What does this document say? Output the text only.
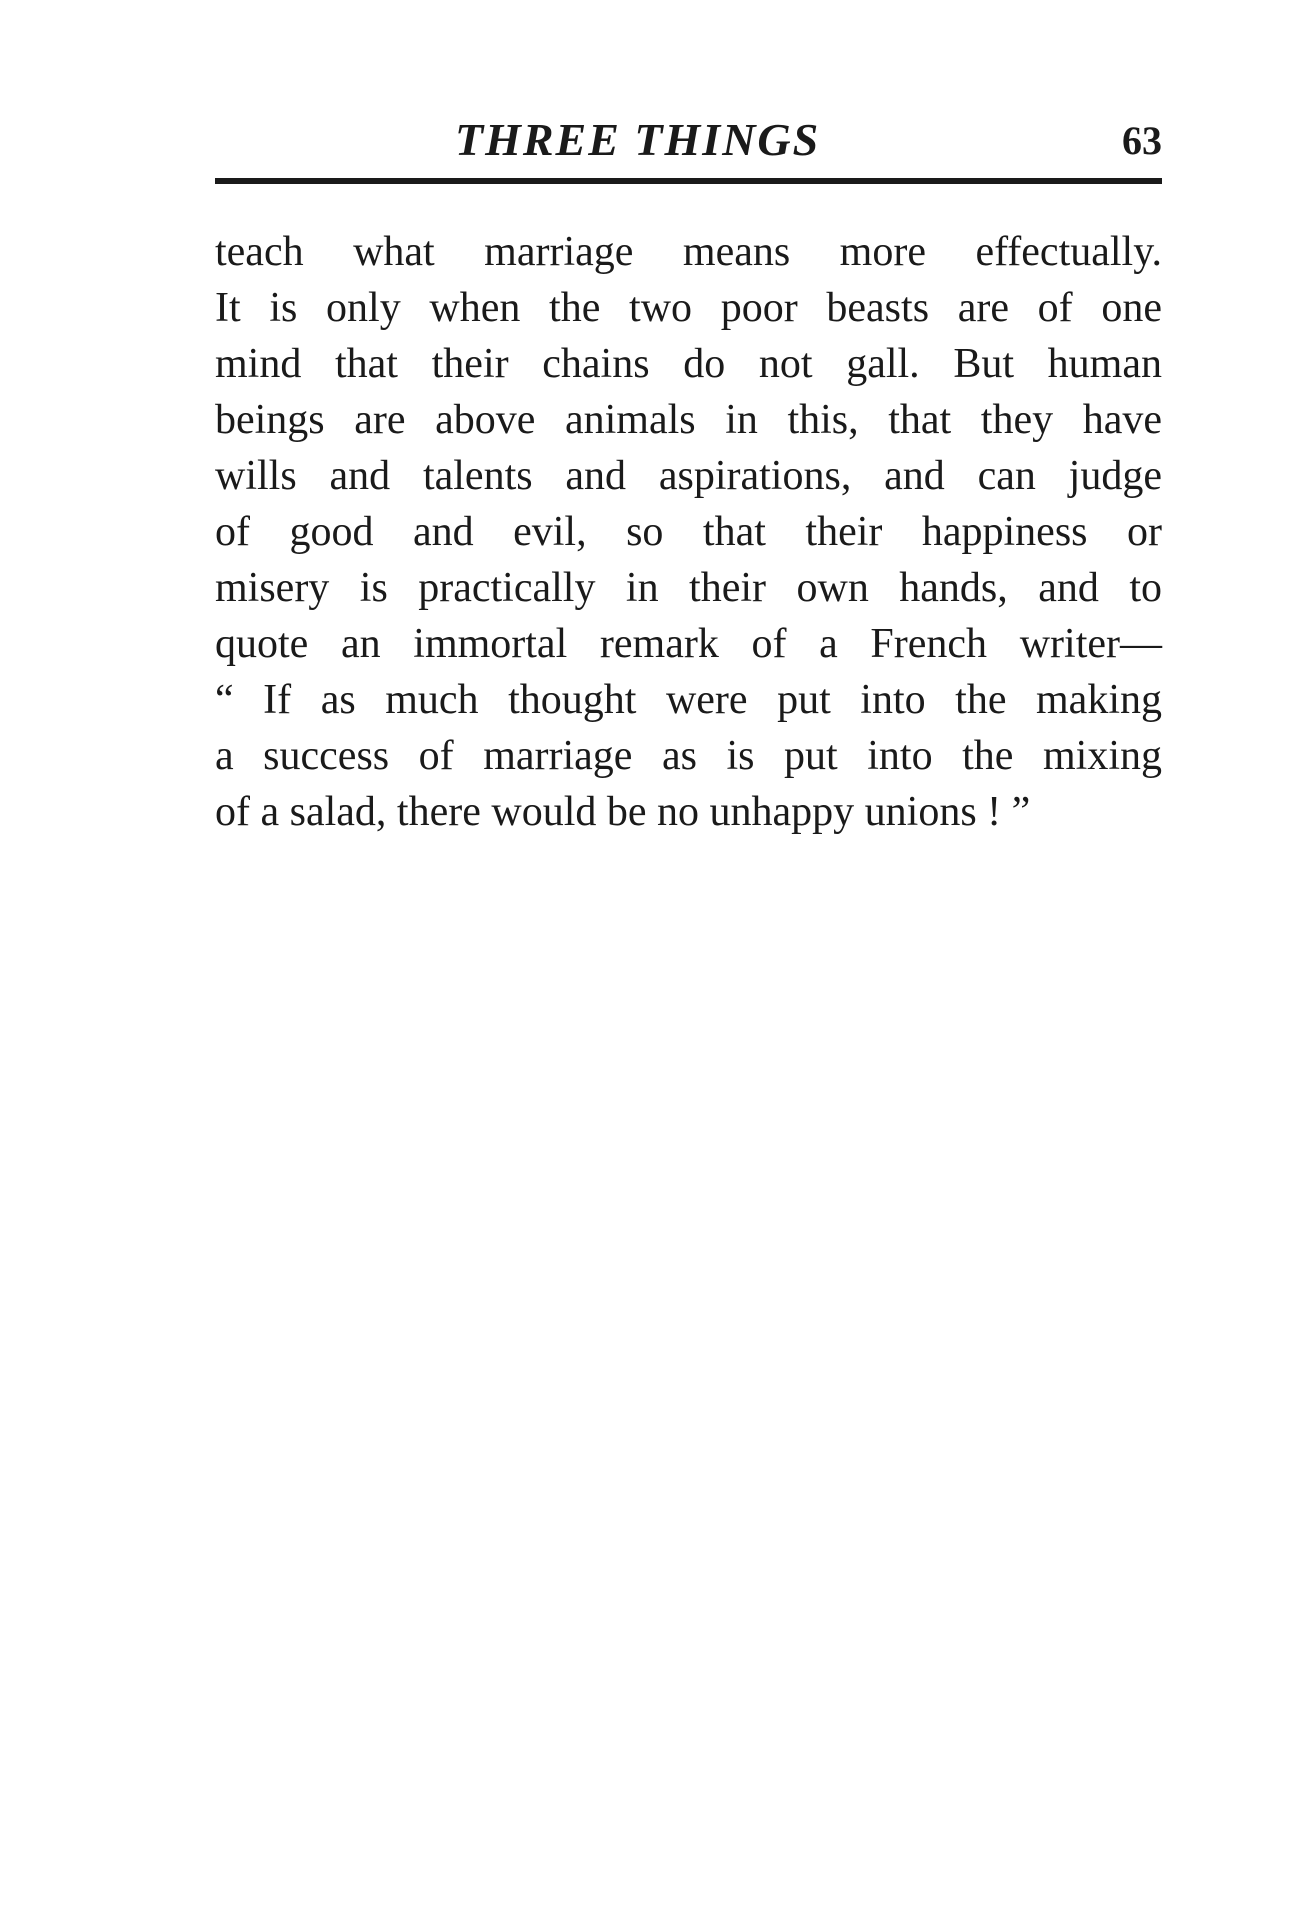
THREE THINGS	63
teach what marriage means more effectually.
It is only when the two poor beasts are of one
mind that their chains do not gall. But human
beings are above animals in this, that they have
wills and talents and aspirations, and can judge
of good and evil, so that their happiness or
misery is practically in their own hands, and to
quote an immortal remark of a French writer—
“ If as much thought were put into the making
a success of marriage as is put into the mixing
of a salad, there would be no unhappy unions ! ”
